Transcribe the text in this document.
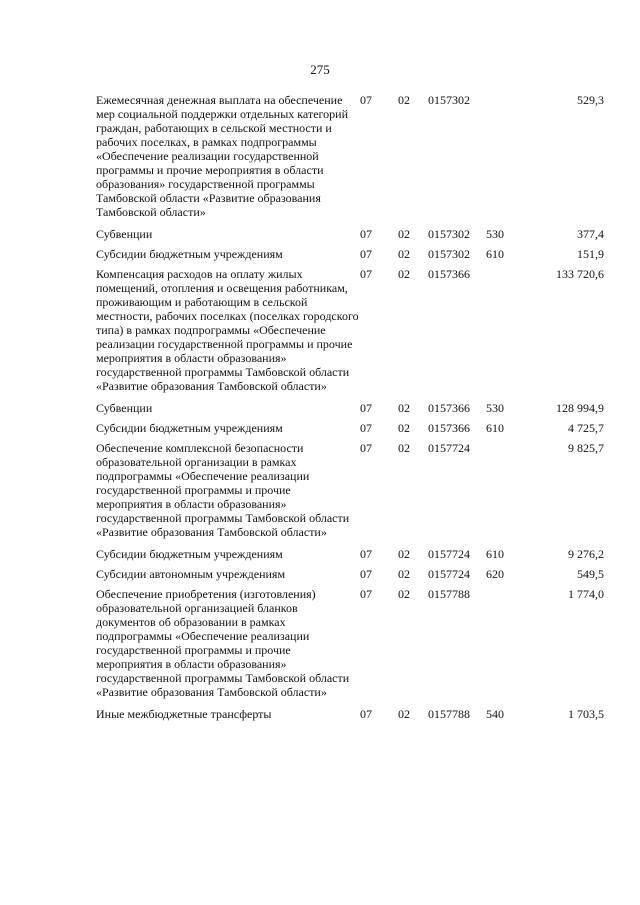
275
Ежемесячная денежная выплата на обеспечение мер социальной поддержки отдельных категорий граждан, работающих в сельской местности и рабочих поселках, в рамках подпрограммы «Обеспечение реализации государственной программы и прочие мероприятия в области образования» государственной программы Тамбовской области «Развитие образования Тамбовской области»	07	02	0157302		529,3
Субвенции	07	02	0157302	530	377,4
Субсидии бюджетным учреждениям	07	02	0157302	610	151,9
Компенсация расходов на оплату жилых помещений, отопления и освещения работникам, проживающим и работающим в сельской местности, рабочих поселках (поселках городского типа) в рамках подпрограммы «Обеспечение реализации государственной программы и прочие мероприятия в области образования» государственной программы Тамбовской области «Развитие образования Тамбовской области»	07	02	0157366		133 720,6
Субвенции	07	02	0157366	530	128 994,9
Субсидии бюджетным учреждениям	07	02	0157366	610	4 725,7
Обеспечение комплексной безопасности образовательной организации в рамках подпрограммы «Обеспечение реализации государственной программы и прочие мероприятия в области образования» государственной программы Тамбовской области «Развитие образования Тамбовской области»	07	02	0157724		9 825,7
Субсидии бюджетным учреждениям	07	02	0157724	610	9 276,2
Субсидии автономным учреждениям	07	02	0157724	620	549,5
Обеспечение приобретения (изготовления) образовательной организацией бланков документов об образовании в рамках подпрограммы «Обеспечение реализации государственной программы и прочие мероприятия в области образования» государственной программы Тамбовской области «Развитие образования Тамбовской области»	07	02	0157788		1 774,0
Иные межбюджетные трансферты	07	02	0157788	540	1 703,5
